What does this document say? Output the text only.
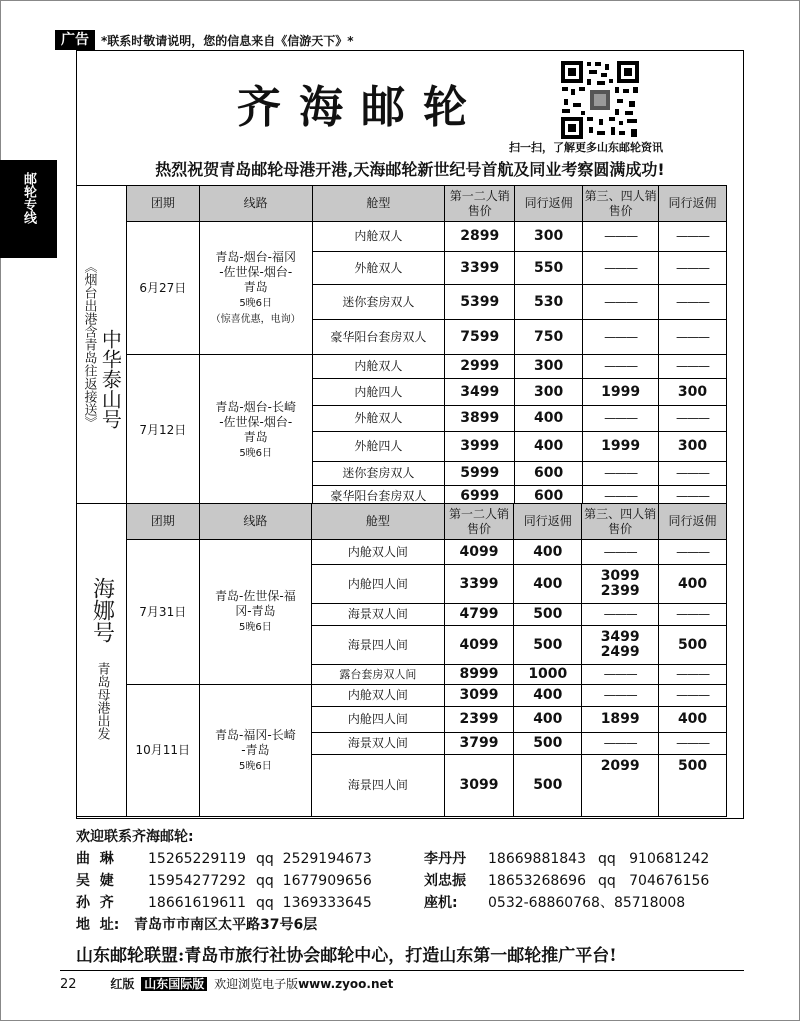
广告	*联系时敬请说明，您的信息来自《信游天下》*
邮轮专线
齐海邮轮
扫一扫，了解更多山东邮轮资讯
热烈祝贺青岛邮轮母港开港,天海邮轮新世纪号首航及同业考察圆满成功!
《烟台出港含青岛往返接送》 中华泰山号	团期	线路	舱型	第一二人销售价	同行返佣	第三、四人销售价	同行返佣
	6月27日	青岛-烟台-福冈
-佐世保-烟台-
青岛
5晚6日
（惊喜优惠，电询）	内舱双人	2899	300	———	———
			外舱双人	3399	550	———	———
			迷你套房双人	5399	530	———	———
			豪华阳台套房双人	7599	750	———	———
	7月12日	青岛-烟台-长崎
-佐世保-烟台-
青岛
5晚6日	内舱双人	2999	300	———	———
			内舱四人	3499	300	1999	300
			外舱双人	3899	400	———	———
			外舱四人	3999	400	1999	300
			迷你套房双人	5999	600	———	———
			豪华阳台套房双人	6999	600	———	———
海娜号

青岛母港出发	团期	线路	舱型	第一二人销售价	同行返佣	第三、四人销售价	同行返佣
	7月31日	青岛-佐世保-福
冈-青岛
5晚6日	内舱双人间	4099	400	———	———
			内舱四人间	3399	400	3099 2399	400
			海景双人间	4799	500	———	———
			海景四人间	4099	500	3499 2499	500
			露台套房双人间	8999	1000	———	———
	10月11日	青岛-福冈-长崎
-青岛
5晚6日	内舱双人间	3099	400	———	———
			内舱四人间	2399	400	1899	400
			海景双人间	3799	500	———	———
			海景四人间	3099	500	2099	500
欢迎联系齐海邮轮:
曲  琳 15265229119 qq  2529194673
吴  婕 15954277292 qq  1677909656
孙  齐 18661619611 qq  1369333645
地  址: 青岛市市南区太平路37号6层
李丹丹 18669881843 qq   910681242
刘忠振 18653268696 qq   704676156
座机: 0532-68860768、85718008
山东邮轮联盟:青岛市旅行社协会邮轮中心，打造山东第一邮轮推广平台!
22	红版 山东国际版 欢迎浏览电子版www.zyoo.net
